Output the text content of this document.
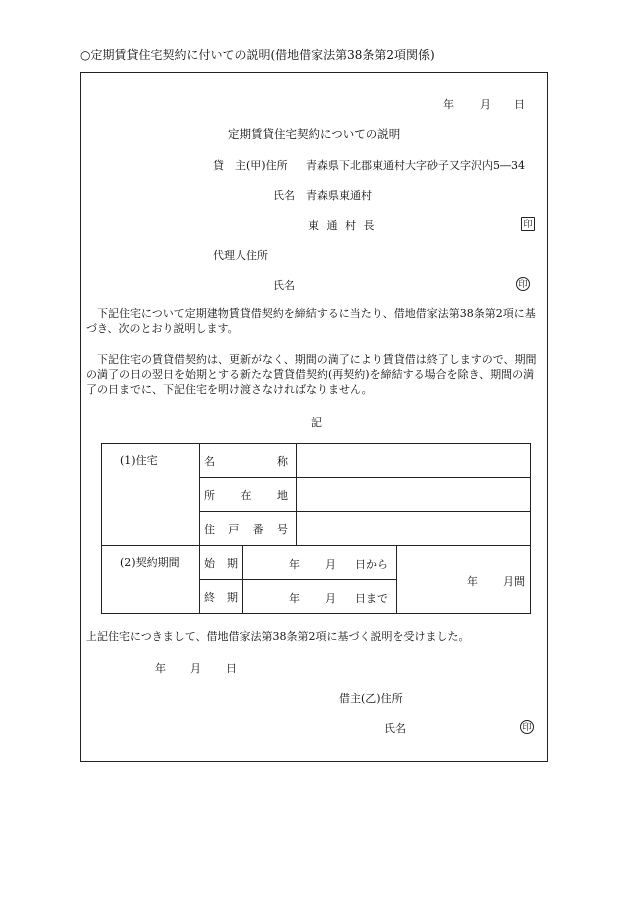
○定期賃貸住宅契約に付いての説明(借地借家法第38条第2項関係)
年 月 日
定期賃貸住宅契約についての説明
貸　主(甲)住所 青森県下北郡東通村大字砂子又字沢内5―34
氏名 青森県東通村
東 通 村 長	印
代理人住所
氏名	印
下記住宅について定期建物賃貸借契約を締結するに当たり、借地借家法第38条第2項に基づき、次のとおり説明します。
下記住宅の賃貸借契約は、更新がなく、期間の満了により賃貸借は終了しますので、期間の満了の日の翌日を始期とする新たな賃貸借契約(再契約)を締結する場合を除き、期間の満了の日までに、下記住宅を明け渡さなければなりません。
記
(1)住宅	名 称			

	所 在 地			

	住 戸 番 号			

(2)契約期間	始 期	年 月 日から		年 月間

	終 期	年 月 日まで		
上記住宅につきまして、借地借家法第38条第2項に基づく説明を受けました。
年 月 日
借主(乙)住所
氏名	印
